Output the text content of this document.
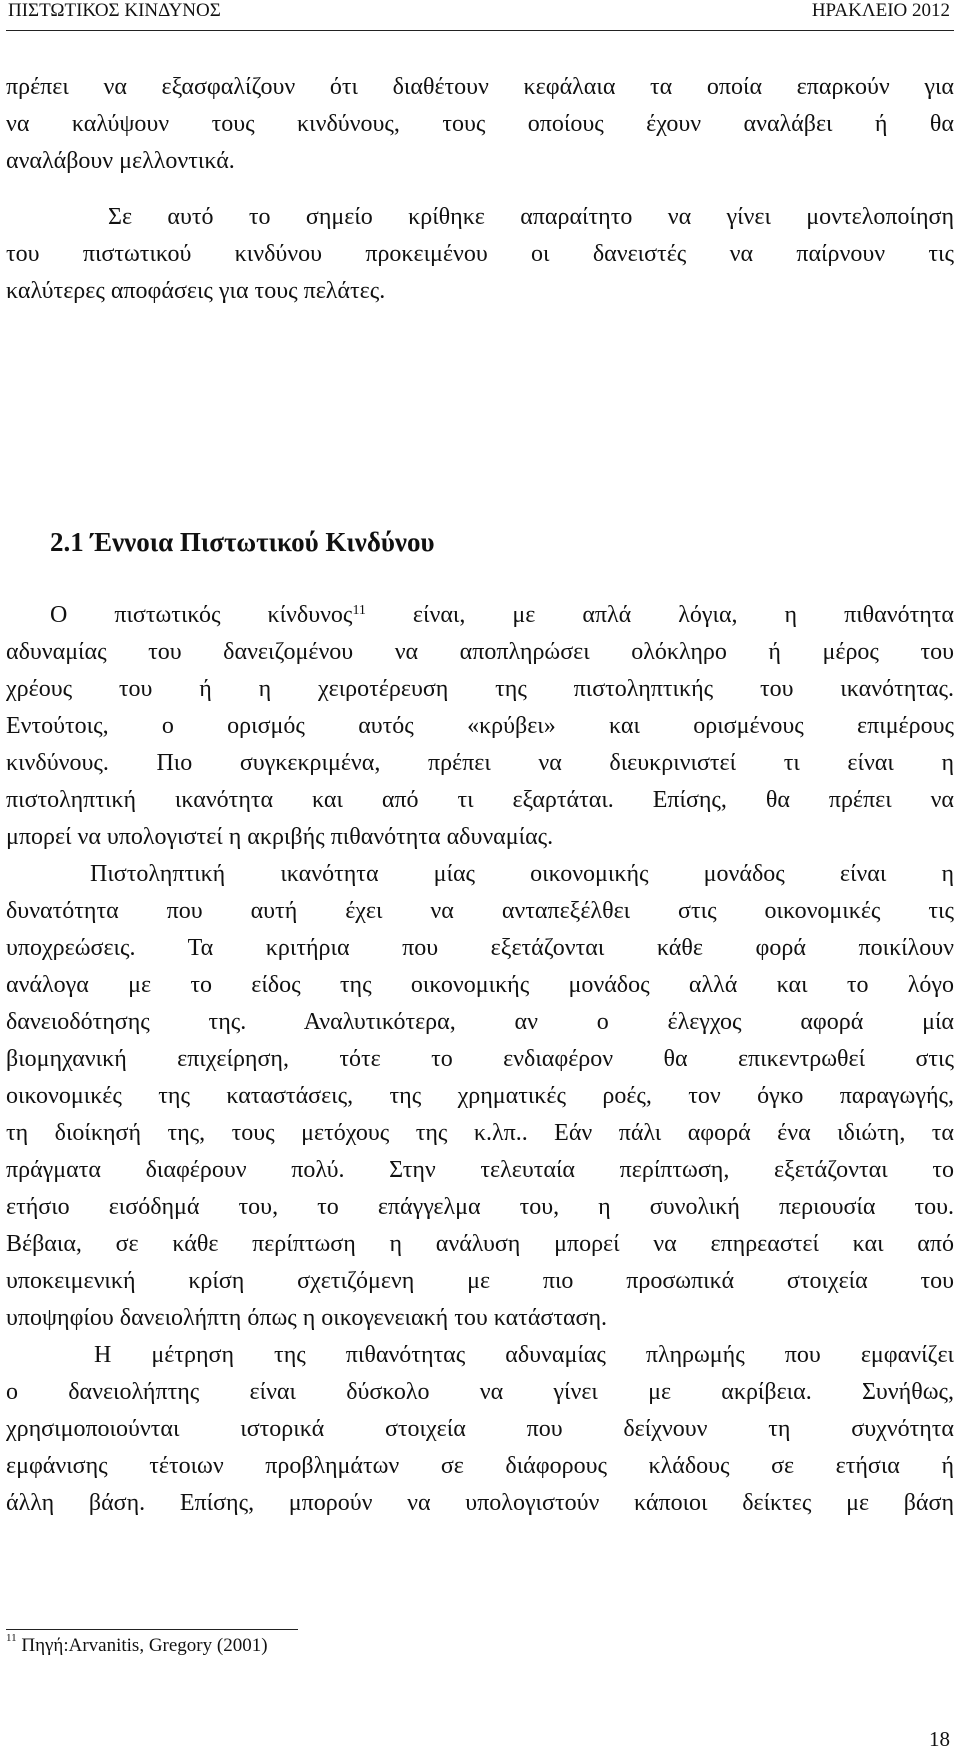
ΠΙΣΤΩΤΙΚΟΣ ΚΙΝΔΥΝΟΣ	ΗΡΑΚΛΕΙΟ 2012

πρέπει να εξασφαλίζουν ότι διαθέτουν κεφάλαια τα οποία επαρκούν για

να καλύψουν τους κινδύνους, τους οποίους έχουν αναλάβει ή θα

αναλάβουν μελλοντικά.

Σε αυτό το σημείο κρίθηκε απαραίτητο να γίνει μοντελοποίηση

του πιστωτικού κινδύνου προκειμένου οι δανειστές να παίρνουν τις

καλύτερες αποφάσεις για τους πελάτες.

2.1 Έννοια Πιστωτικού Κινδύνου

Ο πιστωτικός κίνδυνος$^{11}$ είναι, με απλά λόγια, η πιθανότητα

αδυναμίας του δανειζομένου να αποπληρώσει ολόκληρο ή μέρος του

χρέους του ή η χειροτέρευση της πιστοληπτικής του ικανότητας.

Εντούτοις, ο ορισμός αυτός «κρύβει» και ορισμένους επιμέρους

κινδύνους. Πιο συγκεκριμένα, πρέπει να διευκρινιστεί τι είναι η

πιστοληπτική ικανότητα και από τι εξαρτάται. Επίσης, θα πρέπει να

μπορεί να υπολογιστεί η ακριβής πιθανότητα αδυναμίας.

Πιστοληπτική ικανότητα μίας οικονομικής μονάδος είναι η

δυνατότητα που αυτή έχει να ανταπεξέλθει στις οικονομικές τις

υποχρεώσεις. Τα κριτήρια που εξετάζονται κάθε φορά ποικίλουν

ανάλογα με το είδος της οικονομικής μονάδος αλλά και το λόγο

δανειοδότησης της. Αναλυτικότερα, αν ο έλεγχος αφορά μία

βιομηχανική επιχείρηση, τότε το ενδιαφέρον θα επικεντρωθεί στις

οικονομικές της καταστάσεις, της χρηματικές ροές, τον όγκο παραγωγής,

τη διοίκησή της, τους μετόχους της κ.λπ.. Εάν πάλι αφορά ένα ιδιώτη, τα

πράγματα διαφέρουν πολύ. Στην τελευταία περίπτωση, εξετάζονται το

ετήσιο εισόδημά του, το επάγγελμα του, η συνολική περιουσία του.

Βέβαια, σε κάθε περίπτωση η ανάλυση μπορεί να επηρεαστεί και από

υποκειμενική κρίση σχετιζόμενη με πιο προσωπικά στοιχεία του

υποψηφίου δανειολήπτη όπως η οικογενειακή του κατάσταση.

Η μέτρηση της πιθανότητας αδυναμίας πληρωμής που εμφανίζει

ο δανειολήπτης είναι δύσκολο να γίνει με ακρίβεια. Συνήθως,

χρησιμοποιούνται ιστορικά στοιχεία που δείχνουν τη συχνότητα

εμφάνισης τέτοιων προβλημάτων σε διάφορους κλάδους σε ετήσια ή

άλλη βάση. Επίσης, μπορούν να υπολογιστούν κάποιοι δείκτες με βάση

$^{11}$ Πηγή:Arvanitis, Gregory (2001)
18
